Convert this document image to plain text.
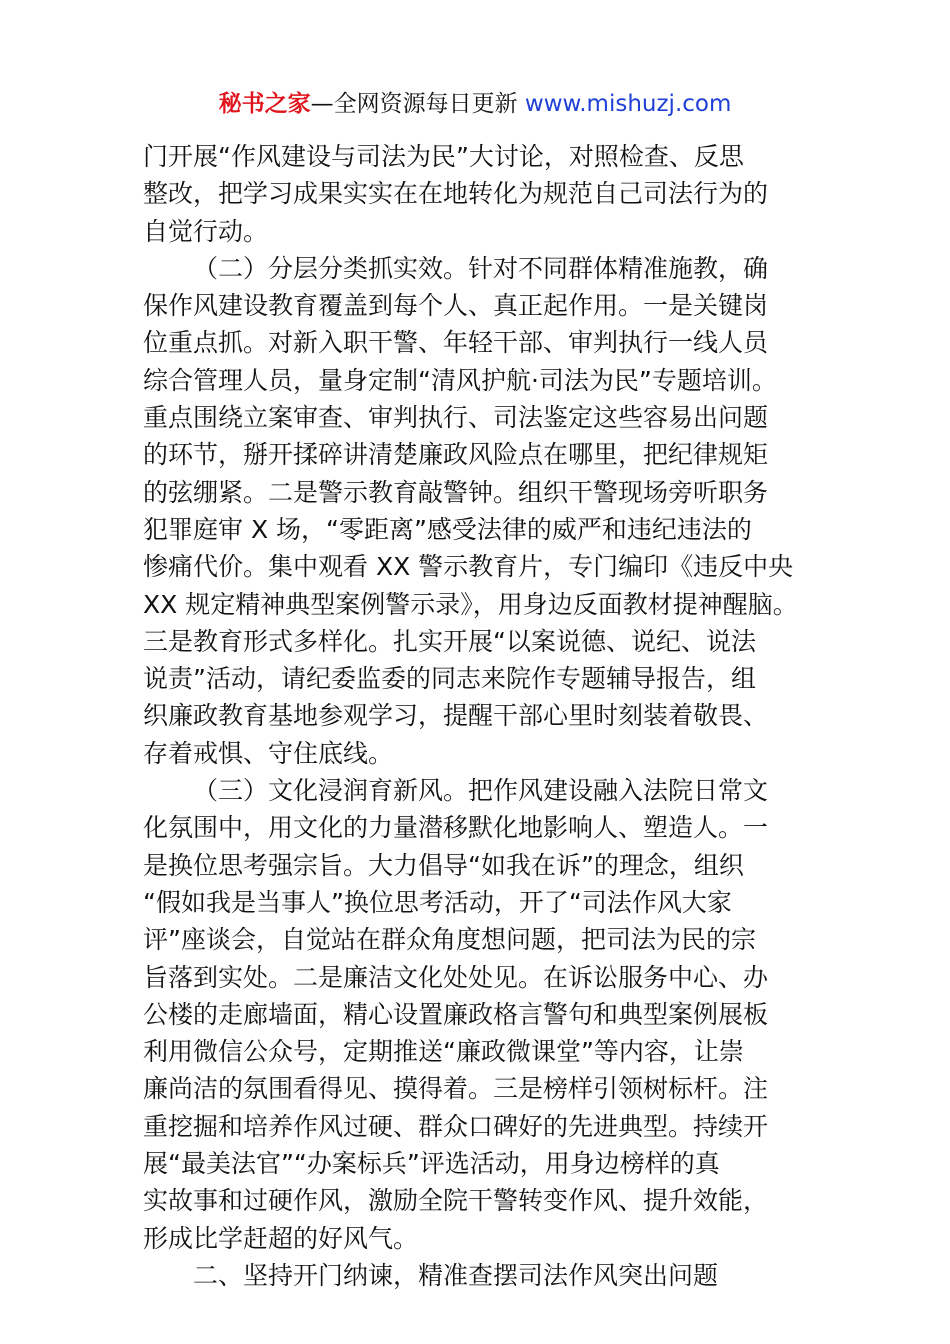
秘书之家—全网资源每日更新 www.mishuzj.com
门开展“作风建设与司法为民”大讨论，对照检查、反思
整改，把学习成果实实在在地转化为规范自己司法行为的
自觉行动。
（二）分层分类抓实效。针对不同群体精准施教，确
保作风建设教育覆盖到每个人、真正起作用。一是关键岗
位重点抓。对新入职干警、年轻干部、审判执行一线人员
综合管理人员，量身定制“清风护航·司法为民”专题培训。
重点围绕立案审查、审判执行、司法鉴定这些容易出问题
的环节，掰开揉碎讲清楚廉政风险点在哪里，把纪律规矩
的弦绷紧。二是警示教育敲警钟。组织干警现场旁听职务
犯罪庭审 X 场，“零距离”感受法律的威严和违纪违法的
惨痛代价。集中观看 XX 警示教育片，专门编印《违反中央
XX 规定精神典型案例警示录》，用身边反面教材提神醒脑。
三是教育形式多样化。扎实开展“以案说德、说纪、说法
说责”活动，请纪委监委的同志来院作专题辅导报告，组
织廉政教育基地参观学习，提醒干部心里时刻装着敬畏、
存着戒惧、守住底线。
（三）文化浸润育新风。把作风建设融入法院日常文
化氛围中，用文化的力量潜移默化地影响人、塑造人。一
是换位思考强宗旨。大力倡导“如我在诉”的理念，组织
“假如我是当事人”换位思考活动，开了“司法作风大家
评”座谈会，自觉站在群众角度想问题，把司法为民的宗
旨落到实处。二是廉洁文化处处见。在诉讼服务中心、办
公楼的走廊墙面，精心设置廉政格言警句和典型案例展板
利用微信公众号，定期推送“廉政微课堂”等内容，让崇
廉尚洁的氛围看得见、摸得着。三是榜样引领树标杆。注
重挖掘和培养作风过硬、群众口碑好的先进典型。持续开
展“最美法官”“办案标兵”评选活动，用身边榜样的真
实故事和过硬作风，激励全院干警转变作风、提升效能，
形成比学赶超的好风气。
二、坚持开门纳谏，精准查摆司法作风突出问题
